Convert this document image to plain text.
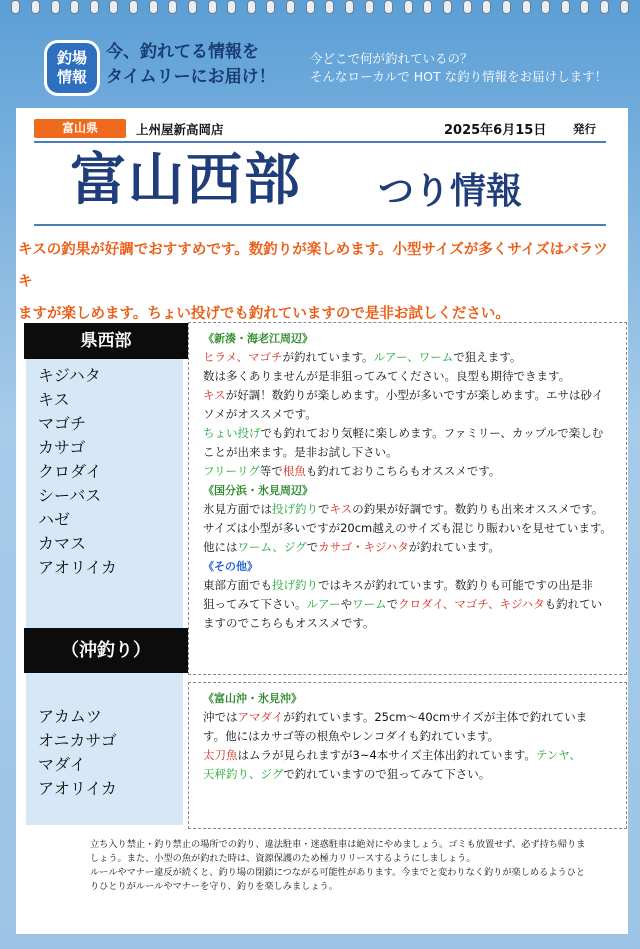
釣場
情報
今、釣れてる情報を
タイムリーにお届け！
今どこで何が釣れているの？
そんなローカルで HOT な釣り情報をお届けします！
富山県	上州屋新高岡店	2025年6月15日 発行
富山西部 つり情報
キスの釣果が好調でおすすめです。数釣りが楽しめます。小型サイズが多くサイズはバラツキ
ますが楽しめます。ちょい投げでも釣れていますので是非お試しください。
県西部
キジハタ
キス
マゴチ
カサゴ
クロダイ
シーバス
ハゼ
カマス
アオリイカ
（沖釣り）
アカムツ
オニカサゴ
マダイ
アオリイカ
《新湊・海老江周辺》
ヒラメ、マゴチが釣れています。ルアー、ワームで狙えます。
数は多くありませんが是非狙ってみてください。良型も期待できます。
キスが好調！数釣りが楽しめます。小型が多いですが楽しめます。エサは砂イ
ソメがオススメです。
ちょい投げでも釣れており気軽に楽しめます。ファミリー、カップルで楽しむ
ことが出来ます。是非お試し下さい。
フリーリグ等で根魚も釣れておりこちらもオススメです。
《国分浜・氷見周辺》
氷見方面では投げ釣りでキスの釣果が好調です。数釣りも出来オススメです。
サイズは小型が多いですが20cm越えのサイズも混じり賑わいを見せています。
他にはワーム、ジグでカサゴ・キジハタが釣れています。
《その他》
東部方面でも投げ釣りではキスが釣れています。数釣りも可能ですの出是非
狙ってみて下さい。ルアーやワームでクロダイ、マゴチ、キジハタも釣れてい
ますのでこちらもオススメです。
《富山沖・氷見沖》
沖ではアマダイが釣れています。25cm～40cmサイズが主体で釣れていま
す。他にはカサゴ等の根魚やレンコダイも釣れています。
太刀魚はムラが見られますが3~4本サイズ主体出釣れています。テンヤ、
天秤釣り、ジグで釣れていますので狙ってみて下さい。
立ち入り禁止・釣り禁止の場所での釣り、違法駐車・迷惑駐車は絶対にやめましょう。ゴミも放置せず、必ず持ち帰りま
しょう。また、小型の魚が釣れた時は、資源保護のため極力リリースするようにしましょう。
ルールやマナー違反が続くと、釣り場の閉鎖につながる可能性があります。今までと変わりなく釣りが楽しめるようひと
りひとりがルールやマナーを守り、釣りを楽しみましょう。
